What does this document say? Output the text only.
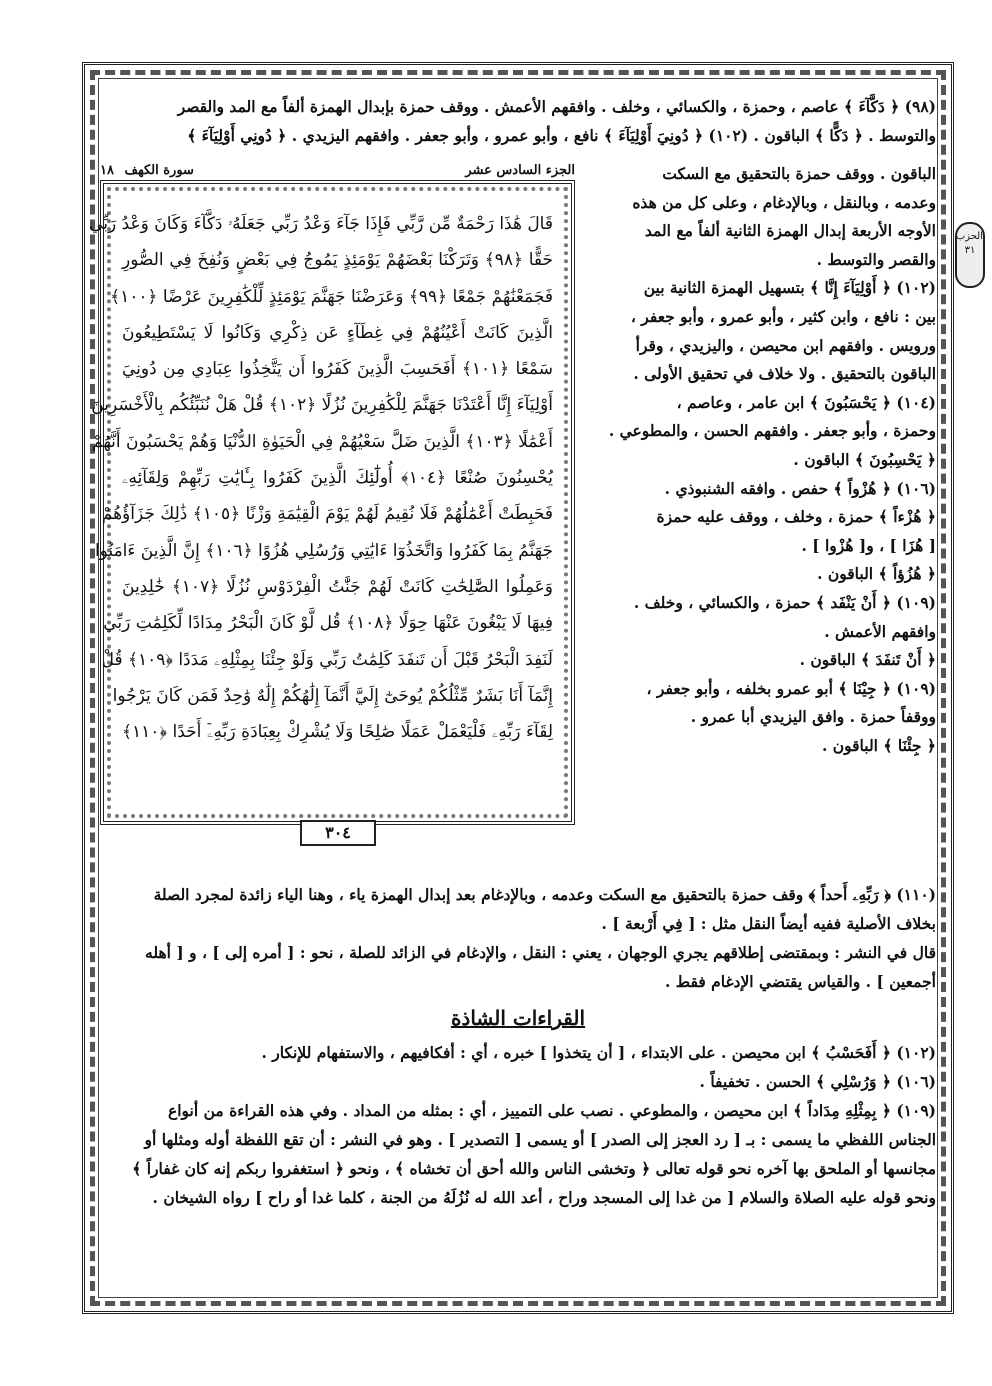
الحزب
٣١
(٩٨) ﴿ دَكَّآءَ ﴾ عاصم ، وحمزة ، والكسائي ، وخلف . وافقهم الأعمش . ووقف حمزة بإبدال الهمزة ألفاً مع المد والقصر
والتوسط . ﴿ دَكًّا ﴾ الباقون . (١٠٢) ﴿ دُونِيَ أَوْلِيَآءَ ﴾ نافع ، وأبو عمرو ، وأبو جعفر . وافقهم اليزيدي . ﴿ دُونِي أَوْلِيَآءَ ﴾
الجزء السادس عشر
سورة الكهف ١٨
قَالَ هَٰذَا رَحْمَةٌ مِّن رَّبِّي فَإِذَا جَآءَ وَعْدُ رَبِّي جَعَلَهُۥ دَكَّآءَ وَكَانَ وَعْدُ رَبِّي
حَقًّا ﴿٩٨﴾ وَتَرَكْنَا بَعْضَهُمْ يَوْمَئِذٍ يَمُوجُ فِي بَعْضٍ وَنُفِخَ فِي الصُّورِ
فَجَمَعْنَٰهُمْ جَمْعًا ﴿٩٩﴾ وَعَرَضْنَا جَهَنَّمَ يَوْمَئِذٍ لِّلْكَٰفِرِينَ عَرْضًا ﴿١٠٠﴾
الَّذِينَ كَانَتْ أَعْيُنُهُمْ فِي غِطَآءٍ عَن ذِكْرِي وَكَانُوا لَا يَسْتَطِيعُونَ
سَمْعًا ﴿١٠١﴾ أَفَحَسِبَ الَّذِينَ كَفَرُوا أَن يَتَّخِذُوا عِبَادِي مِن دُونِيَ
أَوْلِيَآءَ إِنَّا أَعْتَدْنَا جَهَنَّمَ لِلْكَٰفِرِينَ نُزُلًا ﴿١٠٢﴾ قُلْ هَلْ نُنَبِّئُكُم بِالْأَخْسَرِينَ
أَعْمَٰلًا ﴿١٠٣﴾ الَّذِينَ ضَلَّ سَعْيُهُمْ فِي الْحَيَوٰةِ الدُّنْيَا وَهُمْ يَحْسَبُونَ أَنَّهُمْ
يُحْسِنُونَ صُنْعًا ﴿١٠٤﴾ أُولَٰٓئِكَ الَّذِينَ كَفَرُوا بِـَٔايَٰتِ رَبِّهِمْ وَلِقَآئِهِۦ
فَحَبِطَتْ أَعْمَٰلُهُمْ فَلَا نُقِيمُ لَهُمْ يَوْمَ الْقِيَٰمَةِ وَزْنًا ﴿١٠٥﴾ ذَٰلِكَ جَزَآؤُهُمْ
جَهَنَّمُ بِمَا كَفَرُوا وَاتَّخَذُوٓا ءَايَٰتِي وَرُسُلِي هُزُوًا ﴿١٠٦﴾ إِنَّ الَّذِينَ ءَامَنُوا
وَعَمِلُوا الصَّٰلِحَٰتِ كَانَتْ لَهُمْ جَنَّٰتُ الْفِرْدَوْسِ نُزُلًا ﴿١٠٧﴾ خَٰلِدِينَ
فِيهَا لَا يَبْغُونَ عَنْهَا حِوَلًا ﴿١٠٨﴾ قُل لَّوْ كَانَ الْبَحْرُ مِدَادًا لِّكَلِمَٰتِ رَبِّي
لَنَفِدَ الْبَحْرُ قَبْلَ أَن تَنفَدَ كَلِمَٰتُ رَبِّي وَلَوْ جِئْنَا بِمِثْلِهِۦ مَدَدًا ﴿١٠٩﴾ قُلْ
إِنَّمَآ أَنَا بَشَرٌ مِّثْلُكُمْ يُوحَىٰٓ إِلَيَّ أَنَّمَآ إِلَٰهُكُمْ إِلَٰهٌ وَٰحِدٌ فَمَن كَانَ يَرْجُوا
لِقَآءَ رَبِّهِۦ فَلْيَعْمَلْ عَمَلًا صَٰلِحًا وَلَا يُشْرِكْ بِعِبَادَةِ رَبِّهِۦٓ أَحَدًا ﴿١١٠﴾
٣٠٤
الباقون . ووقف حمزة بالتحقيق مع السكت
وعدمه ، وبالنقل ، وبالإدغام ، وعلى كل من هذه
الأوجه الأربعة إبدال الهمزة الثانية ألفاً مع المد
والقصر والتوسط .
(١٠٢) ﴿ أَوْلِيَآءَ إِنَّا ﴾ بتسهيل الهمزة الثانية بين
بين : نافع ، وابن كثير ، وأبو عمرو ، وأبو جعفر ،
ورويس . وافقهم ابن محيصن ، واليزيدي ، وقرأ
الباقون بالتحقيق . ولا خلاف في تحقيق الأولى .
(١٠٤) ﴿ يَحْسَبُونَ ﴾ ابن عامر ، وعاصم ،
وحمزة ، وأبو جعفر . وافقهم الحسن ، والمطوعي .
﴿ يَحْسِبُونَ ﴾ الباقون .
(١٠٦) ﴿ هُزْواً ﴾ حفص . وافقه الشنبوذي .
﴿ هُزْءاً ﴾ حمزة ، وخلف ، ووقف عليه حمزة
[ هُزَا ] ، و[ هُزْوا ] .
﴿ هُزُؤاً ﴾ الباقون .
(١٠٩) ﴿ أَنْ يَنْفَد ﴾ حمزة ، والكسائي ، وخلف .
وافقهم الأعمش .
﴿ أَنْ تَنفَدَ ﴾ الباقون .
(١٠٩) ﴿ جِيْنَا ﴾ أبو عمرو بخلفه ، وأبو جعفر ،
ووقفاً حمزة . وافق اليزيدي أبا عمرو .
﴿ جِئْنَا ﴾ الباقون .
(١١٠) ﴿ رَبِّهِۦ أَحداً ﴾ وقف حمزة بالتحقيق مع السكت وعدمه ، وبالإدغام بعد إبدال الهمزة ياء ، وهنا الياء زائدة لمجرد الصلة
بخلاف الأصلية ففيه أيضاً النقل مثل : [ فِي أَرْبعة ] .
قال في النشر : وبمقتضى إطلاقهم يجري الوجهان ، يعني : النقل ، والإدغام في الزائد للصلة ، نحو : [ أمره إلى ] ، و [ أهله
أجمعين ] . والقياس يقتضي الإدغام فقط .
القراءات الشاذة
(١٠٢) ﴿ أَفَحَسْبُ ﴾ ابن محيصن . على الابتداء ، [ أن يتخذوا ] خبره ، أي : أفكافيهم ، والاستفهام للإنكار .
(١٠٦) ﴿ وَرُسْلِي ﴾ الحسن . تخفيفاً .
(١٠٩) ﴿ بِمِثْلِهِ مِدَاداً ﴾ ابن محيصن ، والمطوعي . نصب على التمييز ، أي : بمثله من المداد . وفي هذه القراءة من أنواع
الجناس اللفظي ما يسمى : بـ [ رد العجز إلى الصدر ] أو يسمى [ التصدير ] . وهو في النشر : أن تقع اللفظة أوله ومثلها أو
مجانسها أو الملحق بها آخره نحو قوله تعالى ﴿ وتخشى الناس والله أحق أن تخشاه ﴾ ، ونحو ﴿ استغفروا ربكم إنه كان غفاراً ﴾
ونحو قوله عليه الصلاة والسلام [ من غدا إلى المسجد وراح ، أعد الله له نُزُلَهُ من الجنة ، كلما غدا أو راح ] رواه الشيخان .
